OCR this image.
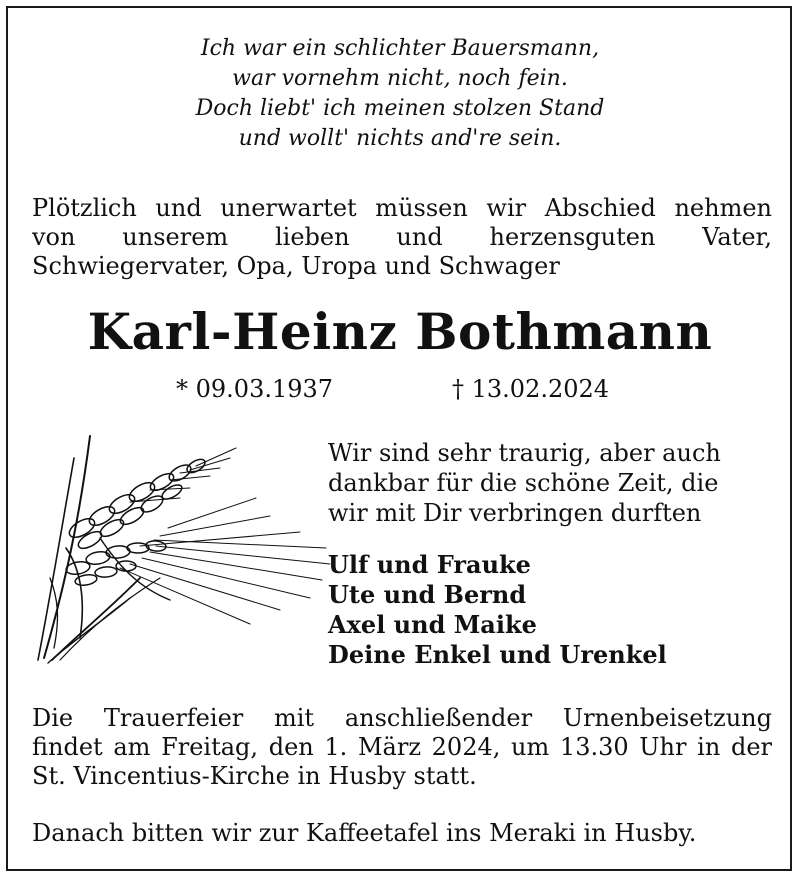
Ich war ein schlichter Bauersmann,
war vornehm nicht, noch fein.
Doch liebt' ich meinen stolzen Stand
und wollt' nichts and're sein.
Plötzlich und unerwartet müssen wir Abschied nehmen
von unserem lieben und herzensguten Vater,
Schwiegervater, Opa, Uropa und Schwager
Karl-Heinz Bothmann
* 09.03.1937	† 13.02.2024
Wir sind sehr traurig, aber auch
dankbar für die schöne Zeit, die
wir mit Dir verbringen durften
Ulf und Frauke
Ute und Bernd
Axel und Maike
Deine Enkel und Urenkel
Die Trauerfeier mit anschließender Urnenbeisetzung
findet am Freitag, den 1. März 2024, um 13.30 Uhr in der
St. Vincentius-Kirche in Husby statt.
Danach bitten wir zur Kaffeetafel ins Meraki in Husby.
